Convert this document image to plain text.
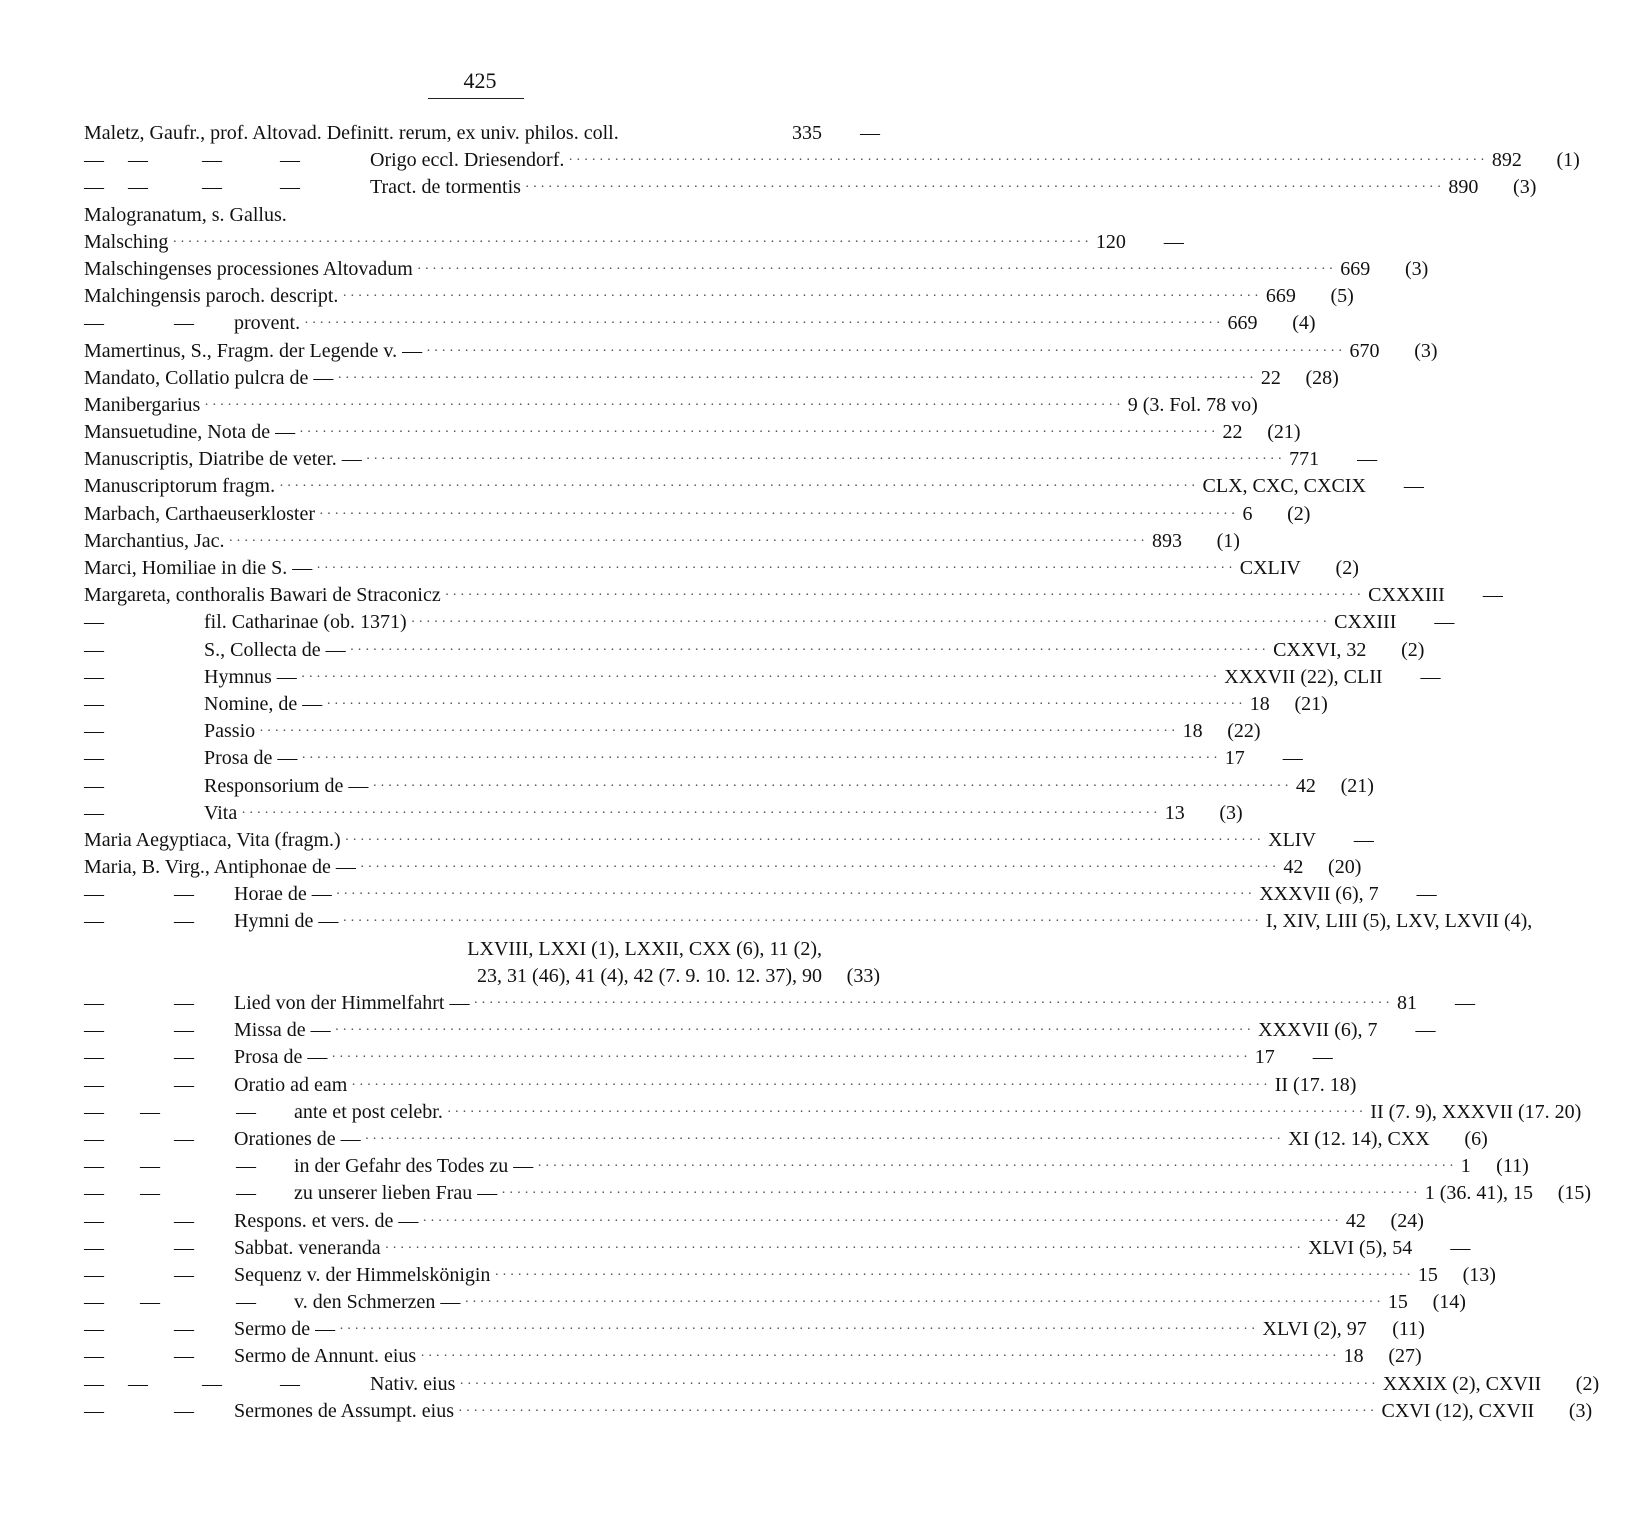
425
Maletz, Gaufr., prof. Altovad. Definitt. rerum, ex univ. philos. coll.	335	—
—	—	—	—	Origo eccl. Driesendorf. ························································································································ 892	(1)
—	—	—	—	Tract. de tormentis ························································································································ 890	(3)
Malogranatum, s. Gallus.
Malsching ························································································································ 120	—
Malschingenses processiones Altovadum ························································································································ 669	(3)
Malchingensis paroch. descript. ························································································································ 669	(5)
—	—	provent. ························································································································ 669	(4)
Mamertinus, S., Fragm. der Legende v. — ························································································································ 670	(3)
Mandato, Collatio pulcra de — ························································································································ 22	(28)
Manibergarius ························································································································ 9 (3. Fol. 78 vo)
Mansuetudine, Nota de — ························································································································ 22	(21)
Manuscriptis, Diatribe de veter. — ························································································································ 771	—
Manuscriptorum fragm. ························································································································ CLX, CXC, CXCIX	—
Marbach, Carthaeuserkloster ························································································································ 6	(2)
Marchantius, Jac. ························································································································ 893	(1)
Marci, Homiliae in die S. — ························································································································ CXLIV	(2)
Margareta, conthoralis Bawari de Straconicz ························································································································ CXXXIII	—
—	fil. Catharinae (ob. 1371) ························································································································ CXXIII	—
—	S., Collecta de — ························································································································ CXXVI, 32	(2)
—	Hymnus — ························································································································ XXXVII (22), CLII	—
—	Nomine, de — ························································································································ 18	(21)
—	Passio ························································································································ 18	(22)
—	Prosa de — ························································································································ 17	—
—	Responsorium de — ························································································································ 42	(21)
—	Vita ························································································································ 13	(3)
Maria Aegyptiaca, Vita (fragm.) ························································································································ XLIV	—
Maria, B. Virg., Antiphonae de — ························································································································ 42	(20)
—	—	Horae de — ························································································································ XXXVII (6), 7	—
—	—	Hymni de — ························································································································ I, XIV, LIII (5), LXV, LXVII (4),
LXVIII, LXXI (1), LXXII, CXX (6), 11 (2),
23, 31 (46), 41 (4), 42 (7. 9. 10. 12. 37), 90	(33)
—	—	Lied von der Himmelfahrt — ························································································································ 81	—
—	—	Missa de — ························································································································ XXXVII (6), 7	—
—	—	Prosa de — ························································································································ 17	—
—	—	Oratio ad eam ························································································································ II (17. 18)
—	—	—	ante et post celebr. ························································································································ II (7. 9), XXXVII (17. 20)
—	—	Orationes de — ························································································································ XI (12. 14), CXX	(6)
—	—	—	in der Gefahr des Todes zu — ························································································································ 1	(11)
—	—	—	zu unserer lieben Frau — ························································································································ 1 (36. 41), 15	(15)
—	—	Respons. et vers. de — ························································································································ 42	(24)
—	—	Sabbat. veneranda ························································································································ XLVI (5), 54	—
—	—	Sequenz v. der Himmelskönigin ························································································································ 15	(13)
—	—	—	v. den Schmerzen — ························································································································ 15	(14)
—	—	Sermo de — ························································································································ XLVI (2), 97	(11)
—	—	Sermo de Annunt. eius ························································································································ 18	(27)
—	—	—	—	Nativ. eius ························································································································ XXXIX (2), CXVII	(2)
—	—	Sermones de Assumpt. eius ························································································································ CXVI (12), CXVII	(3)
